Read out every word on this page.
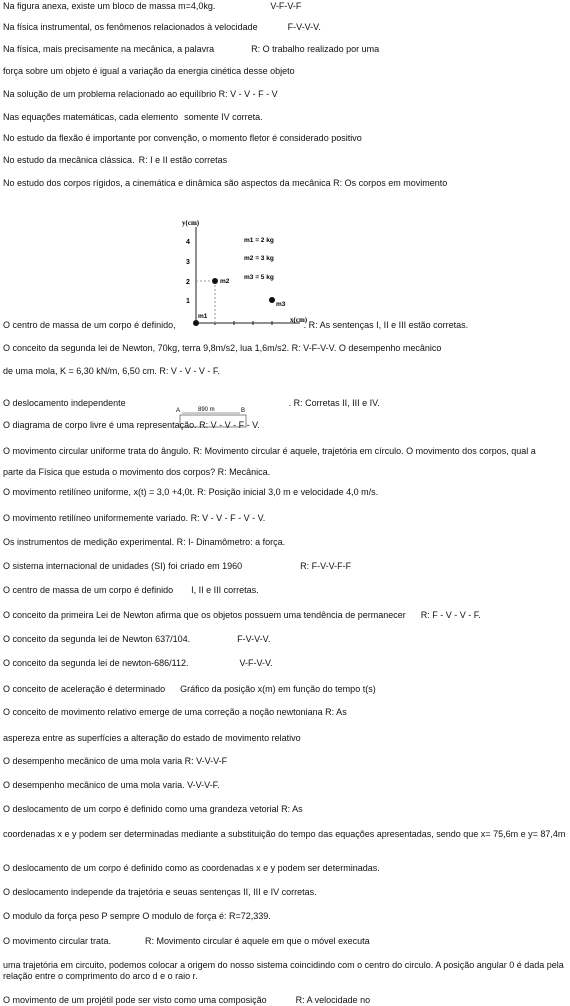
Na figura anexa, existe um bloco de massa m=4,0kg.	V-F-V-F
Na física instrumental, os fenômenos relacionados à velocidade	F-V-V-V.
Na física, mais precisamente na mecânica, a palavra	R: O trabalho realizado por uma
força sobre um objeto é igual a variação da energia cinética desse objeto
Na solução de um problema relacionado ao equilíbrio R: V - V - F - V
Nas equações matemáticas, cada elemento somente IV correta.
No estudo da flexão é importante por convenção, o momento fletor é considerado positivo
No estudo da mecânica clássica. R: I e II estão corretas
No estudo dos corpos rígidos, a cinemática e dinâmica são aspectos da mecânica R: Os corpos em movimento
O centro de massa de um corpo é definido,	. R: As sentenças I, II e III estão corretas.
O conceito da segunda lei de Newton, 70kg, terra 9,8m/s2, lua 1,6m/s2. R: V-F-V-V. O desempenho mecânico
de uma mola, K = 6,30 kN/m, 6,50 cm. R: V - V - V - F.
O deslocamento independente	. R: Corretas II, III e IV.
O diagrama de corpo livre é uma representação. R: V - V - F - V.
O movimento circular uniforme trata do ângulo. R: Movimento circular é aquele, trajetória em círculo. O movimento dos corpos, qual a
parte da Física que estuda o movimento dos corpos? R: Mecânica.
O movimento retilíneo uniforme, x(t) = 3,0 +4,0t. R: Posição inicial 3,0 m e velocidade 4,0 m/s.
O movimento retilíneo uniformemente variado. R: V - V - F - V - V.
Os instrumentos de medição experimental. R: I- Dinamômetro: a força.
O sistema internacional de unidades (SI) foi criado em 1960	R: F-V-V-F-F
O centro de massa de um corpo é definido I, II e III corretas.
O conceito da primeira Lei de Newton afirma que os objetos possuem uma tendência de permanecer R: F - V - V - F.
O conceito da segunda lei de Newton 637/104.	F-V-V-V.
O conceito da segunda lei de newton-686/112.	V-F-V-V.
O conceito de aceleração é determinado Gráfico da posição x(m) em função do tempo t(s)
O conceito de movimento relativo emerge de uma correção a noção newtoniana R: As
aspereza entre as superfícies a alteração do estado de movimento relativo
O desempenho mecânico de uma mola varia R: V-V-V-F
O desempenho mecânico de uma mola varia. V-V-V-F.
O deslocamento de um corpo é definido como uma grandeza vetorial R: As
coordenadas x e y podem ser determinadas mediante a substituição do tempo das equações apresentadas, sendo que x= 75,6m e y= 87,4m
O deslocamento de um corpo é definido como as coordenadas x e y podem ser determinadas.
O deslocamento independe da trajetória e seuas sentenças II, III e IV corretas.
O modulo da força peso P sempre O modulo de força é: R=72,339.
O movimento circular trata.	R: Movimento circular é aquele em que o móvel executa
uma trajetória em circuito, podemos colocar a origem do nosso sistema coincidindo com o centro do circulo. A posição angular 0 é dada pela relação entre o comprimento do arco d e o raio r.
O movimento de um projétil pode ser visto como uma composição	R: A velocidade no
y(cm)
x(cm)
4
3
2
1
m1
m2
m3
m1 = 2 kg
m2 = 3 kg
m3 = 5 kg
A	B
890 m
